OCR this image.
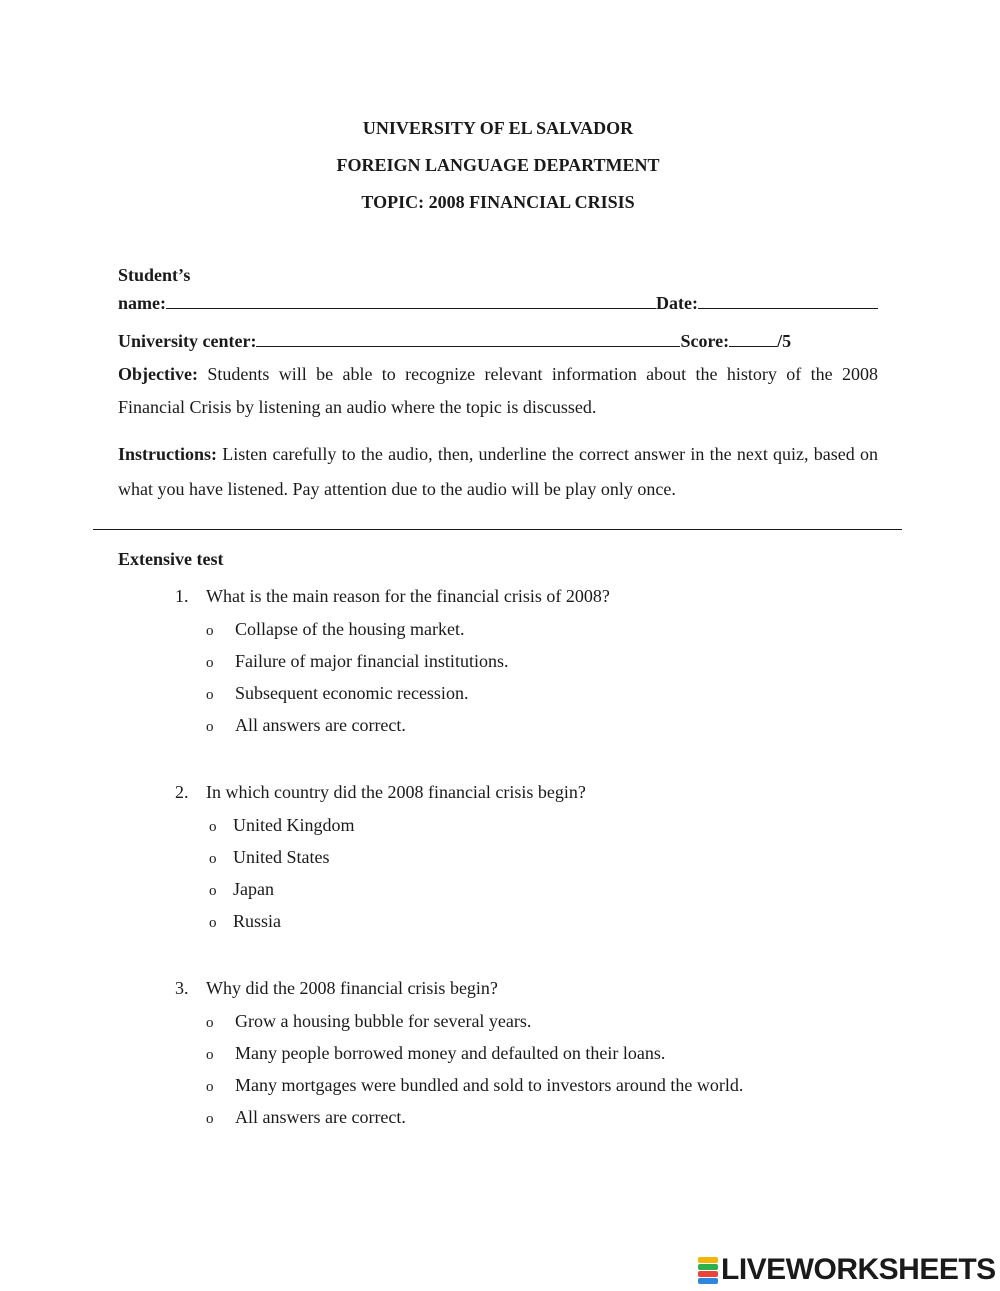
UNIVERSITY OF EL SALVADOR
FOREIGN LANGUAGE DEPARTMENT
TOPIC: 2008 FINANCIAL CRISIS
Student’s
name:	Date:
University center:	Score:	/5
Objective: Students will be able to recognize relevant information about the history of the 2008 Financial Crisis by listening an audio where the topic is discussed.
Instructions: Listen carefully to the audio, then, underline the correct answer in the next quiz, based on what you have listened. Pay attention due to the audio will be play only once.
Extensive test
1. What is the main reason for the financial crisis of 2008?
o Collapse of the housing market.
o Failure of major financial institutions.
o Subsequent economic recession.
o All answers are correct.
2. In which country did the 2008 financial crisis begin?
o United Kingdom
o United States
o Japan
o Russia
3. Why did the 2008 financial crisis begin?
o Grow a housing bubble for several years.
o Many people borrowed money and defaulted on their loans.
o Many mortgages were bundled and sold to investors around the world.
o All answers are correct.
LIVEWORKSHEETS
